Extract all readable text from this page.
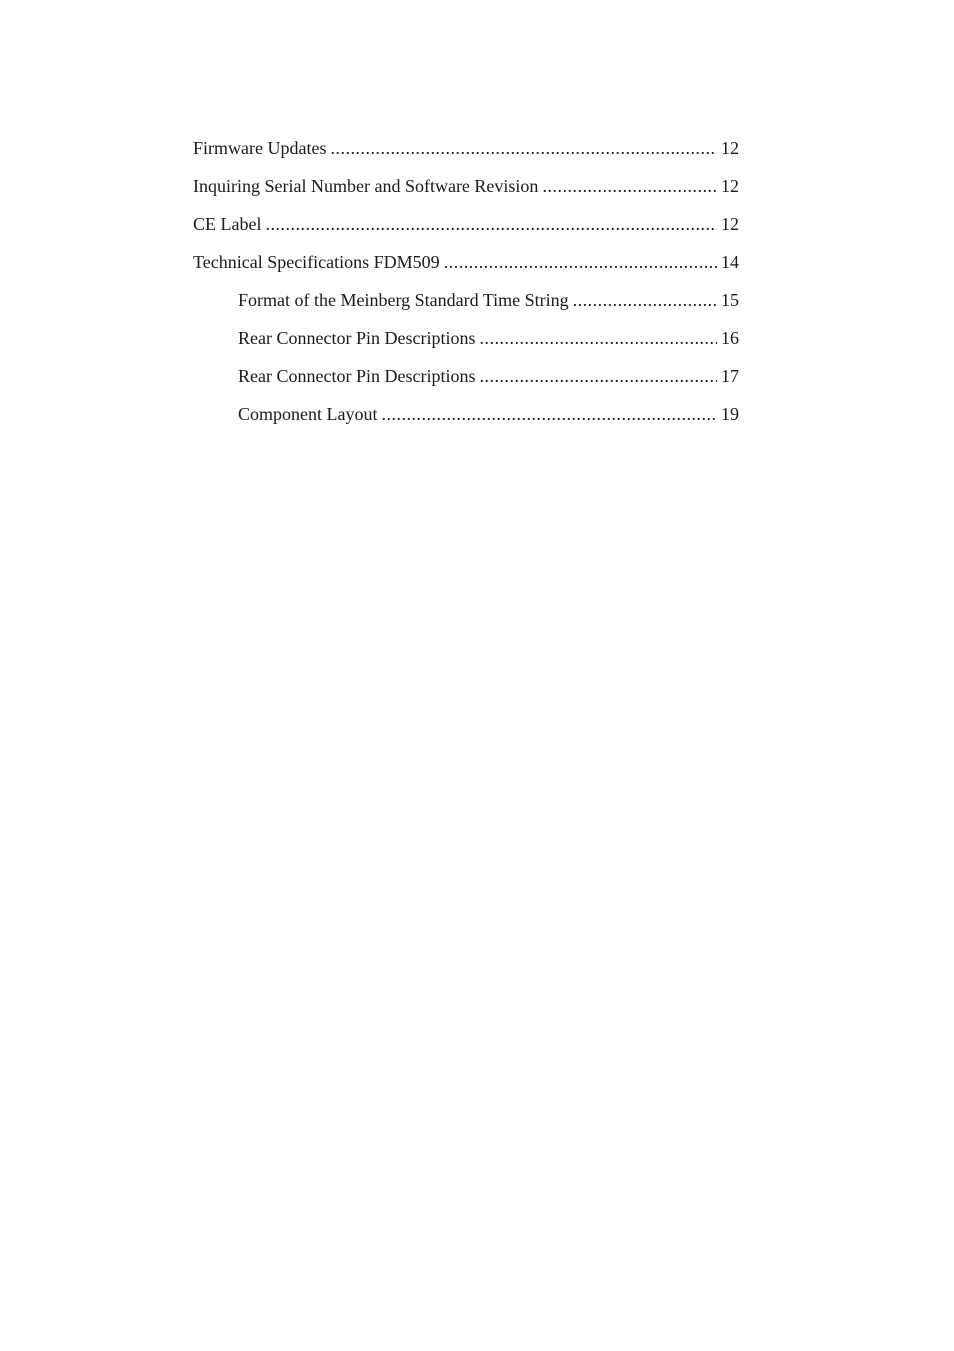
Firmware Updates .....	12
Inquiring Serial Number and Software Revision .....	12
CE Label .....	12
Technical Specifications FDM509 .....	14
Format of the Meinberg Standard Time String .....	15
Rear Connector Pin Descriptions .....	16
Rear Connector Pin Descriptions .....	17
Component Layout .....	19
